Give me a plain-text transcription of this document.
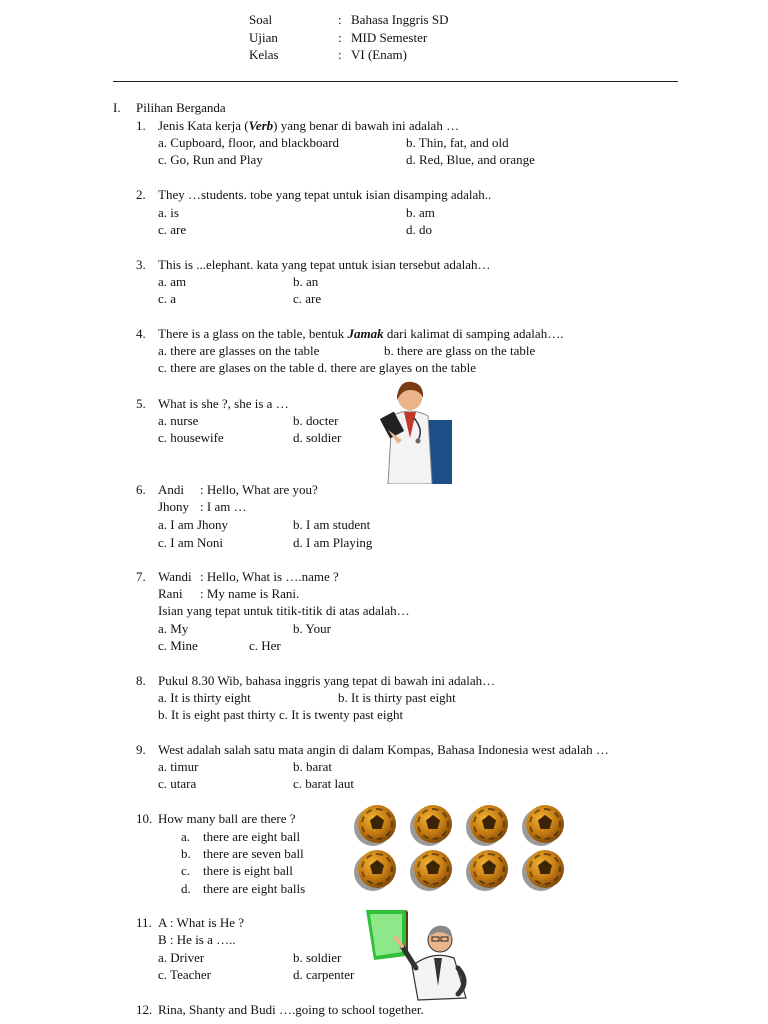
Soal	: Bahasa Inggris SD
Ujian	: MID Semester
Kelas	: VI (Enam)
I. Pilihan Berganda
1. Jenis Kata kerja (Verb) yang benar di bawah ini adalah …
a. Cupboard, floor, and blackboard	b. Thin, fat, and old
c. Go, Run and Play	d. Red, Blue, and orange
2. They …students. tobe yang tepat untuk isian disamping adalah..
a. is	b. am
c. are	d. do
3. This is ...elephant. kata yang tepat untuk isian tersebut adalah…
a. am	b. an
c. a	c. are
4. There is a glass on the table, bentuk Jamak dari kalimat di samping adalah….
a. there are glasses on the table	b. there are glass on the table
c. there are glases on the table d. there are glayes on the table
5. What is she ?, she is a …
a. nurse	b. docter
c. housewife	d. soldier
6. Andi : Hello, What are you?
Jhony : I am …
a. I am Jhony	b. I am student
c. I am Noni	d. I am Playing
7. Wandi : Hello, What is ….name ?
Rani : My name is Rani.
Isian yang tepat untuk titik-titik di atas adalah…
a. My	b. Your
c. Mine	c. Her
8. Pukul 8.30 Wib, bahasa inggris yang tepat di bawah ini adalah…
a. It is thirty eight	b. It is thirty past eight
b. It is eight past thirty c. It is twenty past eight
9. West adalah salah satu mata angin di dalam Kompas, Bahasa Indonesia west adalah …
a. timur	b. barat
c. utara	c. barat laut
10. How many ball are there ?
a. there are eight ball
b. there are seven ball
c. there is eight ball
d. there are eight balls
11. A : What is He ?
B : He is a …..
a. Driver	b. soldier
c. Teacher	d. carpenter
12. Rina, Shanty and Budi ….going to school together.
